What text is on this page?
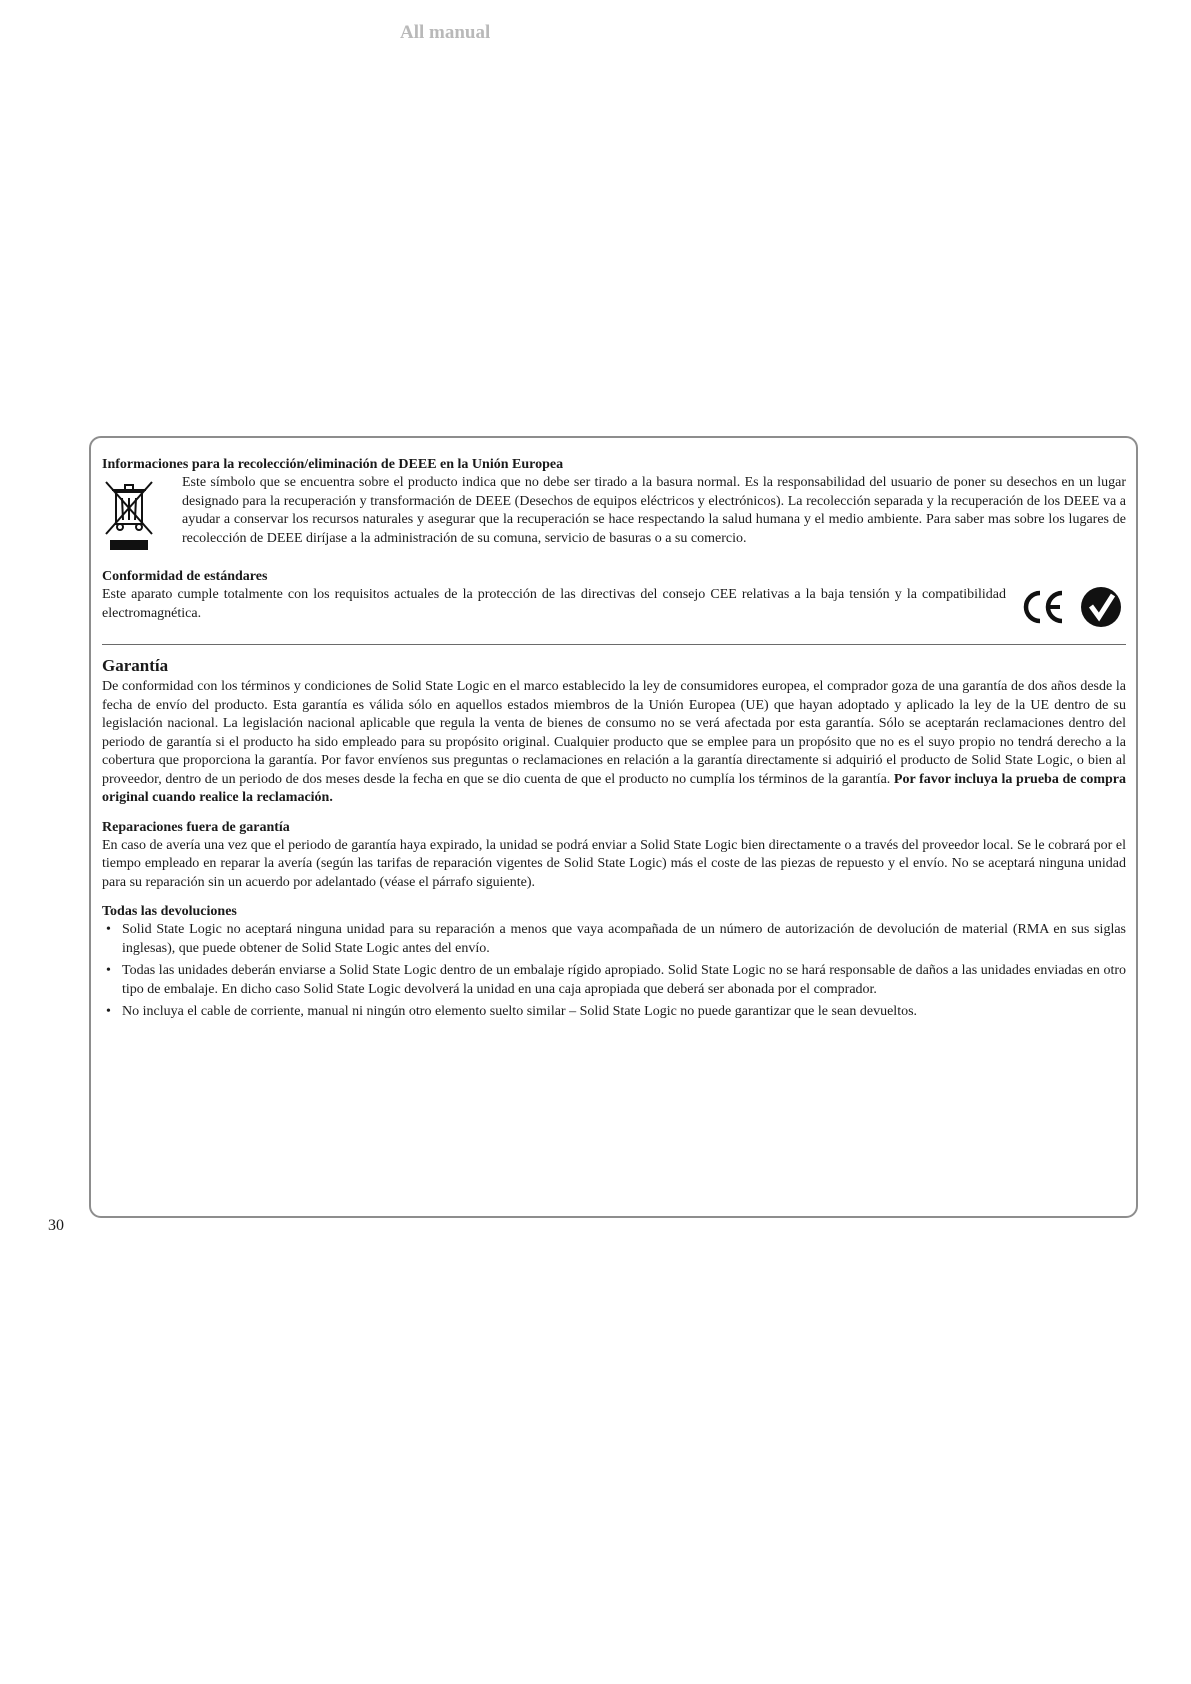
All manual
Informaciones para la recolección/eliminación de DEEE en la Unión Europea

Este símbolo que se encuentra sobre el producto indica que no debe ser tirado a la basura normal. Es la responsabilidad del usuario de poner su desechos en un lugar designado para la recuperación y transformación de DEEE (Desechos de equipos eléctricos y electrónicos). La recolección separada y la recuperación de los DEEE va a ayudar a conservar los recursos naturales y asegurar que la recuperación se hace respectando la salud humana y el medio ambiente. Para saber mas sobre los lugares de recolección de DEEE diríjase a la administración de su comuna, servicio de basuras o a su comercio.

Conformidad de estándares

Este aparato cumple totalmente con los requisitos actuales de la protección de las directivas del consejo CEE relativas a la baja tensión y la compatibilidad electromagnética.

Garantía

De conformidad con los términos y condiciones de Solid State Logic en el marco establecido la ley de consumidores europea, el comprador goza de una garantía de dos años desde la fecha de envío del producto. Esta garantía es válida sólo en aquellos estados miembros de la Unión Europea (UE) que hayan adoptado y aplicado la ley de la UE dentro de su legislación nacional. La legislación nacional aplicable que regula la venta de bienes de consumo no se verá afectada por esta garantía. Sólo se aceptarán reclamaciones dentro del periodo de garantía si el producto ha sido empleado para su propósito original. Cualquier producto que se emplee para un propósito que no es el suyo propio no tendrá derecho a la cobertura que proporciona la garantía. Por favor envíenos sus preguntas o reclamaciones en relación a la garantía directamente si adquirió el producto de Solid State Logic, o bien al proveedor, dentro de un periodo de dos meses desde la fecha en que se dio cuenta de que el producto no cumplía los términos de la garantía. Por favor incluya la prueba de compra original cuando realice la reclamación.

Reparaciones fuera de garantía

En caso de avería una vez que el periodo de garantía haya expirado, la unidad se podrá enviar a Solid State Logic bien directamente o a través del proveedor local. Se le cobrará por el tiempo empleado en reparar la avería (según las tarifas de reparación vigentes de Solid State Logic) más el coste de las piezas de repuesto y el envío. No se aceptará ninguna unidad para su reparación sin un acuerdo por adelantado (véase el párrafo siguiente).

Todas las devoluciones
• Solid State Logic no aceptará ninguna unidad para su reparación a menos que vaya acompañada de un número de autorización de devolución de material (RMA en sus siglas inglesas), que puede obtener de Solid State Logic antes del envío.
• Todas las unidades deberán enviarse a Solid State Logic dentro de un embalaje rígido apropiado. Solid State Logic no se hará responsable de daños a las unidades enviadas en otro tipo de embalaje. En dicho caso Solid State Logic devolverá la unidad en una caja apropiada que deberá ser abonada por el comprador.
• No incluya el cable de corriente, manual ni ningún otro elemento suelto similar – Solid State Logic no puede garantizar que le sean devueltos.
30
